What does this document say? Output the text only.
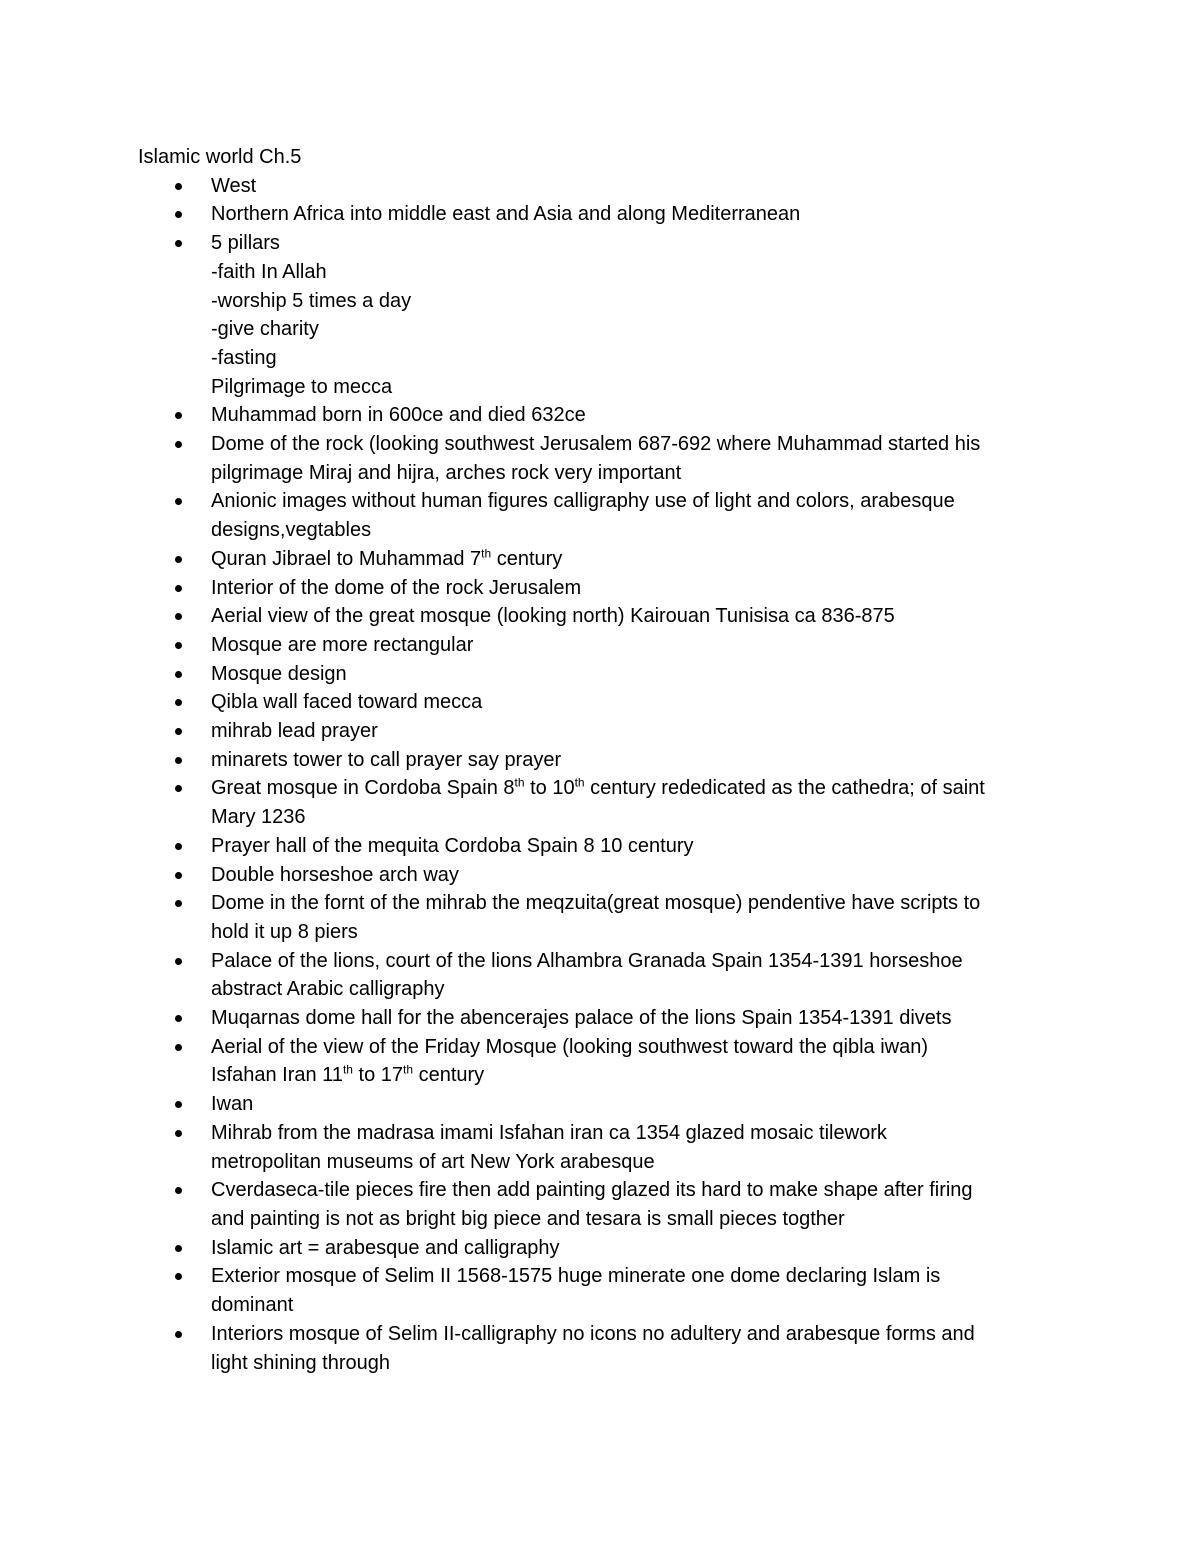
Islamic world Ch.5
West
Northern Africa into middle east and Asia and along Mediterranean
5 pillars
-faith In Allah
-worship 5 times a day
-give charity
-fasting
Pilgrimage to mecca
Muhammad born in 600ce and died 632ce
Dome of the rock (looking southwest Jerusalem 687-692 where Muhammad started his
pilgrimage Miraj and hijra, arches rock very important
Anionic images without human figures calligraphy use of light and colors, arabesque
designs,vegtables
Quran Jibrael to Muhammad 7th century
Interior of the dome of the rock Jerusalem
Aerial view of the great mosque (looking north) Kairouan Tunisisa ca 836-875
Mosque are more rectangular
Mosque design
Qibla wall faced toward mecca
mihrab lead prayer
minarets tower to call prayer say prayer
Great mosque in Cordoba Spain 8th to 10th century rededicated as the cathedra; of saint
Mary 1236
Prayer hall of the mequita Cordoba Spain 8 10 century
Double horseshoe arch way
Dome in the fornt of the mihrab the meqzuita(great mosque) pendentive have scripts to
hold it up 8 piers
Palace of the lions, court of the lions Alhambra Granada Spain 1354-1391 horseshoe
abstract Arabic calligraphy
Muqarnas dome hall for the abencerajes palace of the lions Spain 1354-1391 divets
Aerial of the view of the Friday Mosque (looking southwest toward the qibla iwan)
Isfahan Iran 11th to 17th century
Iwan
Mihrab from the madrasa imami Isfahan iran ca 1354 glazed mosaic tilework
metropolitan museums of art New York arabesque
Cverdaseca-tile pieces fire then add painting glazed its hard to make shape after firing
and painting is not as bright big piece and tesara is small pieces togther
Islamic art = arabesque and calligraphy
Exterior mosque of Selim II 1568-1575 huge minerate one dome declaring Islam is
dominant
Interiors mosque of Selim II-calligraphy no icons no adultery and arabesque forms and
light shining through
